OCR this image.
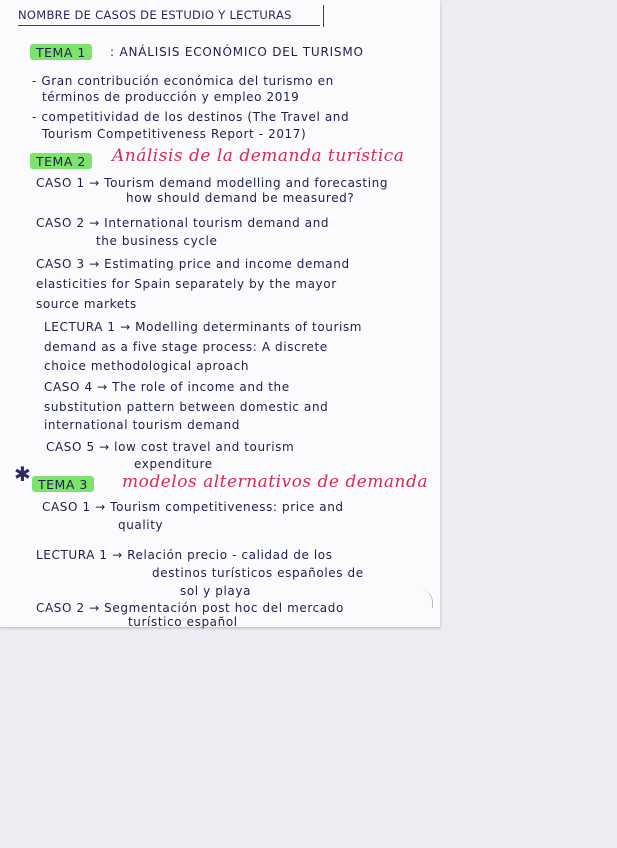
NOMBRE DE CASOS DE ESTUDIO Y LECTURAS
TEMA 1	: ANÁLISIS ECONÓMICO DEL TURISMO
- Gran contribución económica del turismo en
términos de producción y empleo 2019
- competitividad de los destinos (The Travel and
Tourism Competitiveness Report - 2017)
TEMA 2	Análisis de la demanda turística
CASO 1 → Tourism demand modelling and forecasting
how should demand be measured?
CASO 2 → International tourism demand and
the business cycle
CASO 3 → Estimating price and income demand
elasticities for Spain separately by the mayor
source markets
LECTURA 1 → Modelling determinants of tourism
demand as a five stage process: A discrete
choice methodological aproach
CASO 4 → The role of income and the
substitution pattern between domestic and
international tourism demand
CASO 5 → low cost travel and tourism
expenditure
✱ TEMA 3	modelos alternativos de demanda
CASO 1 → Tourism competitiveness: price and
quality
LECTURA 1 → Relación precio - calidad de los
destinos turísticos españoles de
sol y playa
CASO 2 → Segmentación post hoc del mercado
turístico español
